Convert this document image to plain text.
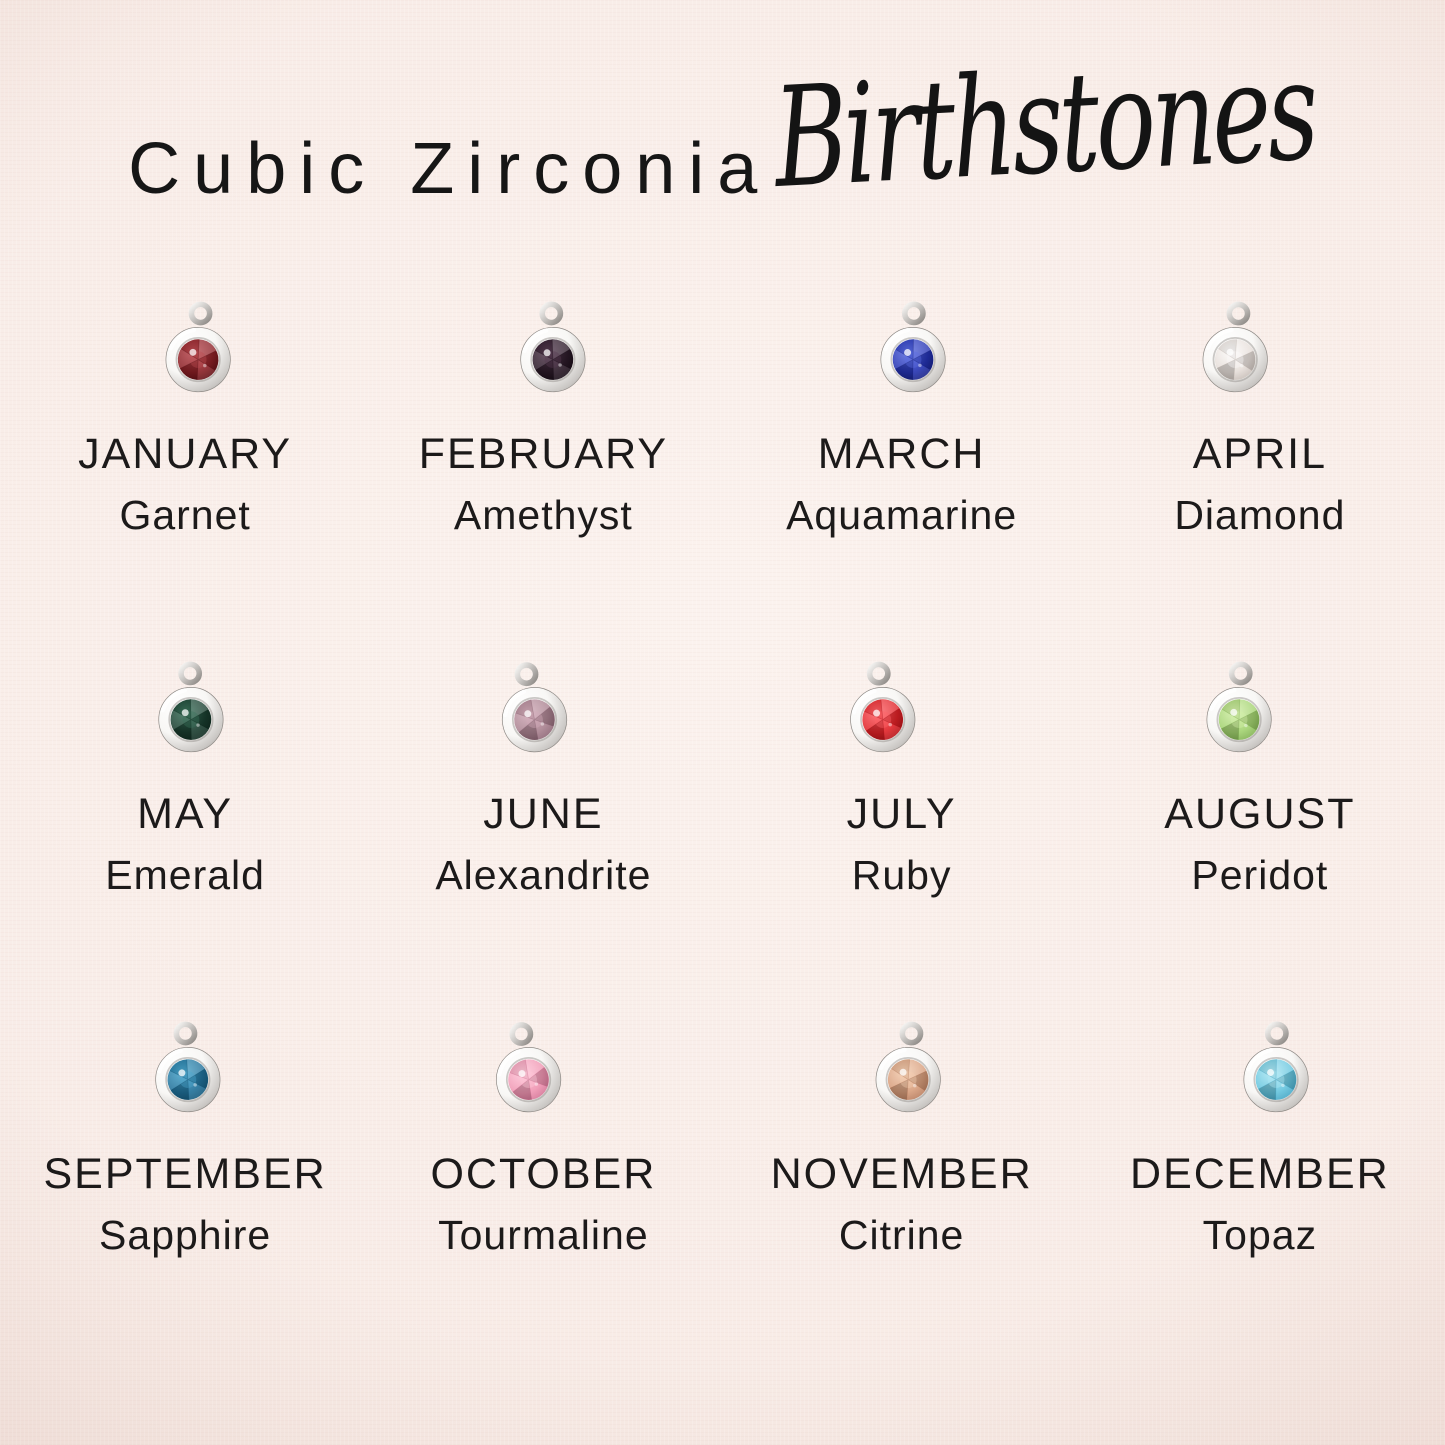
Cubic Zirconia Birthstones
JANUARY
Garnet
FEBRUARY
Amethyst
MARCH
Aquamarine
APRIL
Diamond
MAY
Emerald
JUNE
Alexandrite
JULY
Ruby
AUGUST
Peridot
SEPTEMBER
Sapphire
OCTOBER
Tourmaline
NOVEMBER
Citrine
DECEMBER
Topaz
